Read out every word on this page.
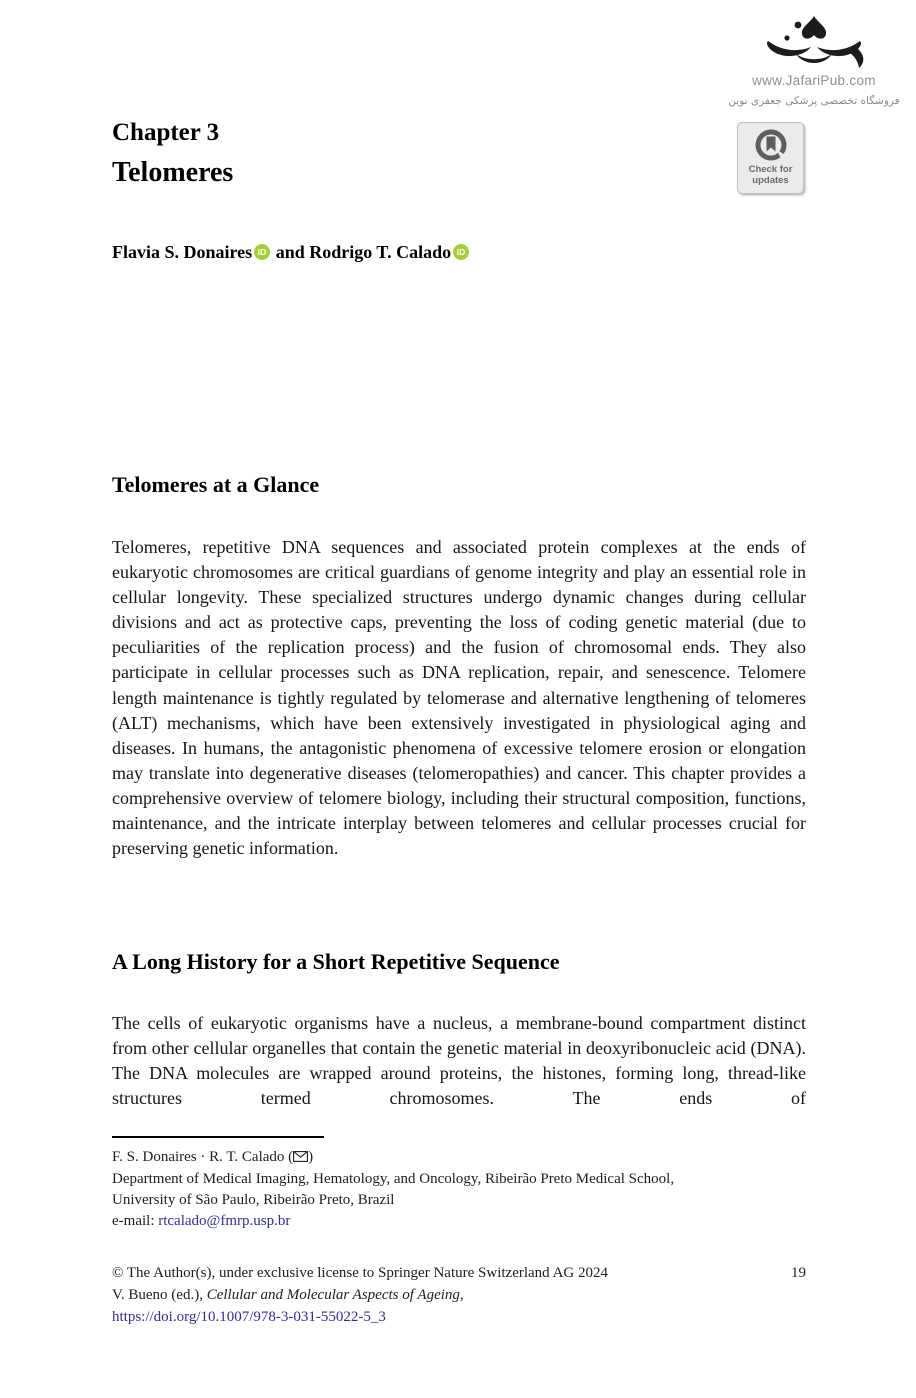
www.JafariPub.com
فروشگاه تخصصی پزشکی جعفری نوین
Chapter 3
Telomeres	Check for
updates
Flavia S. Donaires iD and Rodrigo T. Calado iD
Telomeres at a Glance

Telomeres, repetitive DNA sequences and associated protein complexes at the ends of eukaryotic chromosomes are critical guardians of genome integrity and play an essential role in cellular longevity. These specialized structures undergo dynamic changes during cellular divisions and act as protective caps, preventing the loss of coding genetic material (due to peculiarities of the replication process) and the fusion of chromosomal ends. They also participate in cellular processes such as DNA replication, repair, and senescence. Telomere length maintenance is tightly regulated by telomerase and alternative lengthening of telomeres (ALT) mechanisms, which have been extensively investigated in physiological aging and diseases. In humans, the antagonistic phenomena of excessive telomere erosion or elongation may translate into degenerative diseases (telomeropathies) and cancer. This chapter provides a comprehensive overview of telomere biology, including their structural composition, functions, maintenance, and the intricate interplay between telomeres and cellular processes crucial for preserving genetic information.

A Long History for a Short Repetitive Sequence

The cells of eukaryotic organisms have a nucleus, a membrane-bound compartment distinct from other cellular organelles that contain the genetic material in deoxyribonucleic acid (DNA). The DNA molecules are wrapped around proteins, the histones, forming long, thread-like structures termed chromosomes. The ends of

F. S. Donaires · R. T. Calado ( )
Department of Medical Imaging, Hematology, and Oncology, Ribeirão Preto Medical School,
University of São Paulo, Ribeirão Preto, Brazil
e-mail: rtcalado@fmrp.usp.br
© The Author(s), under exclusive license to Springer Nature Switzerland AG 2024	19
V. Bueno (ed.), Cellular and Molecular Aspects of Ageing,
https://doi.org/10.1007/978-3-031-55022-5_3
